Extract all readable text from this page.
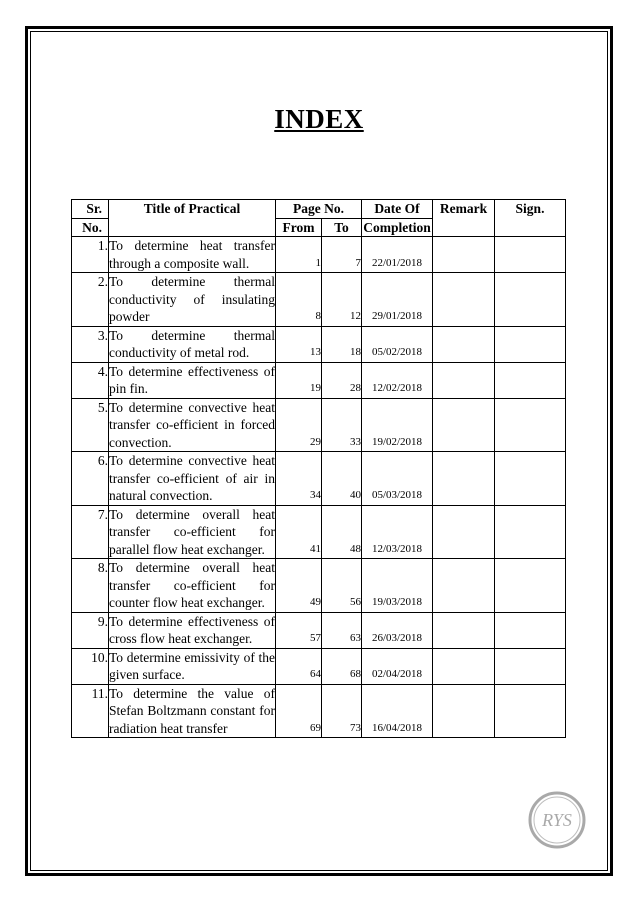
INDEX
Sr.	Title of Practical	Page No.		Date Of	Remark	Sign.
No.		From	To	Completion		
1.	To determine heat transfer through a composite wall.	1	7	22/01/2018		
2.	To determine thermal conductivity of insulating powder	8	12	29/01/2018		
3.	To determine thermal conductivity of metal rod.	13	18	05/02/2018		
4.	To determine effectiveness of pin fin.	19	28	12/02/2018		
5.	To determine convective heat transfer co-efficient in forced convection.	29	33	19/02/2018		
6.	To determine convective heat transfer co-efficient of air in natural convection.	34	40	05/03/2018		
7.	To determine overall heat transfer co-efficient for parallel flow heat exchanger.	41	48	12/03/2018		
8.	To determine overall heat transfer co-efficient for counter flow heat exchanger.	49	56	19/03/2018		
9.	To determine effectiveness of cross flow heat exchanger.	57	63	26/03/2018		
10.	To determine emissivity of the given surface.	64	68	02/04/2018		
11.	To determine the value of Stefan Boltzmann constant for radiation heat transfer	69	73	16/04/2018		
RYS
